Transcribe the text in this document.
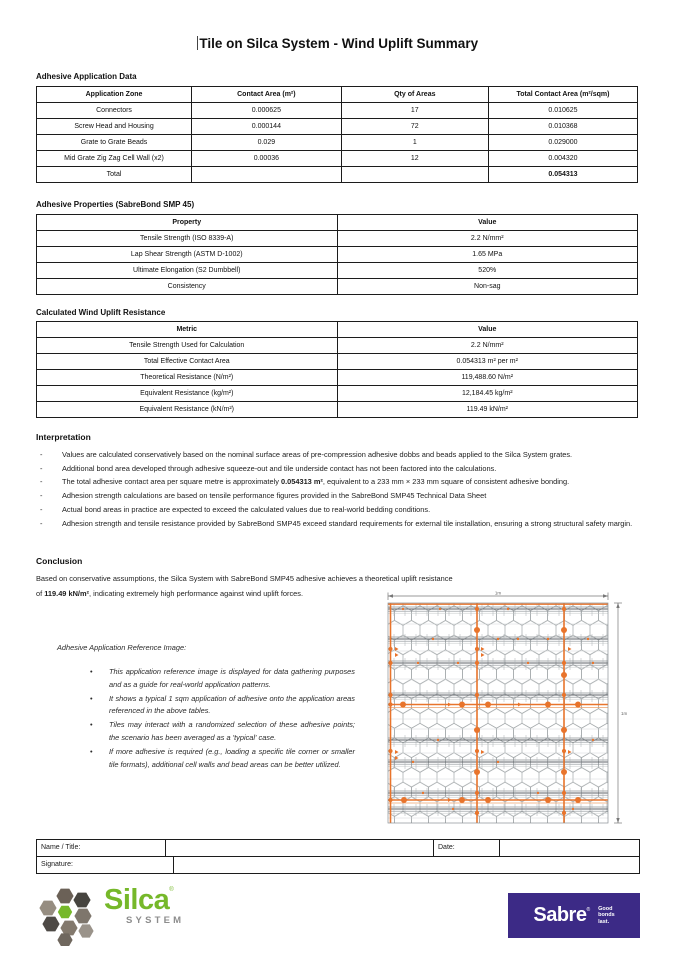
Tile on Silca System - Wind Uplift Summary
Adhesive Application Data
Application Zone	Contact Area (m²)	Qty of Areas	Total Contact Area (m²/sqm)
Connectors	0.000625	17	0.010625
Screw Head and Housing	0.000144	72	0.010368
Grate to Grate Beads	0.029	1	0.029000
Mid Grate Zig Zag Cell Wall (x2)	0.00036	12	0.004320
Total			0.054313
Adhesive Properties (SabreBond SMP 45)
Property	Value
Tensile Strength (ISO 8339-A)	2.2 N/mm²
Lap Shear Strength (ASTM D-1002)	1.65 MPa
Ultimate Elongation (S2 Dumbbell)	520%
Consistency	Non-sag
Calculated Wind Uplift Resistance
Metric	Value
Tensile Strength Used for Calculation	2.2 N/mm²
Total Effective Contact Area	0.054313 m² per m²
Theoretical Resistance (N/m²)	119,488.60 N/m²
Equivalent Resistance (kg/m²)	12,184.45 kg/m²
Equivalent Resistance (kN/m²)	119.49 kN/m²
Interpretation
- Values are calculated conservatively based on the nominal surface areas of pre-compression adhesive dobbs and beads applied to the Silca System grates.
- Additional bond area developed through adhesive squeeze-out and tile underside contact has not been factored into the calculations.
- The total adhesive contact area per square metre is approximately 0.054313 m², equivalent to a 233 mm × 233 mm square of consistent adhesive bonding.
- Adhesion strength calculations are based on tensile performance figures provided in the SabreBond SMP45 Technical Data Sheet
- Actual bond areas in practice are expected to exceed the calculated values due to real-world bedding conditions.
- Adhesion strength and tensile resistance provided by SabreBond SMP45 exceed standard requirements for external tile installation, ensuring a strong structural safety margin.
Conclusion
Based on conservative assumptions, the Silca System with SabreBond SMP45 adhesive achieves a theoretical uplift resistance
of 119.49 kN/m², indicating extremely high performance against wind uplift forces.
Adhesive Application Reference Image:
• This application reference image is displayed for data gathering purposes and as a guide for real-world application patterns.
• It shows a typical 1 sqm application of adhesive onto the application areas referenced in the above tables.
• Tiles may interact with a randomized selection of these adhesive points; the scenario has been averaged as a 'typical' case.
• If more adhesive is required (e.g., loading a specific tile corner or smaller tile formats), additional cell walls and bead areas can be better utilized.
1m
1m
Name / Title:	Date:
Signature:
Silca®
SYSTEM	Sabre® Good
bonds
last.
